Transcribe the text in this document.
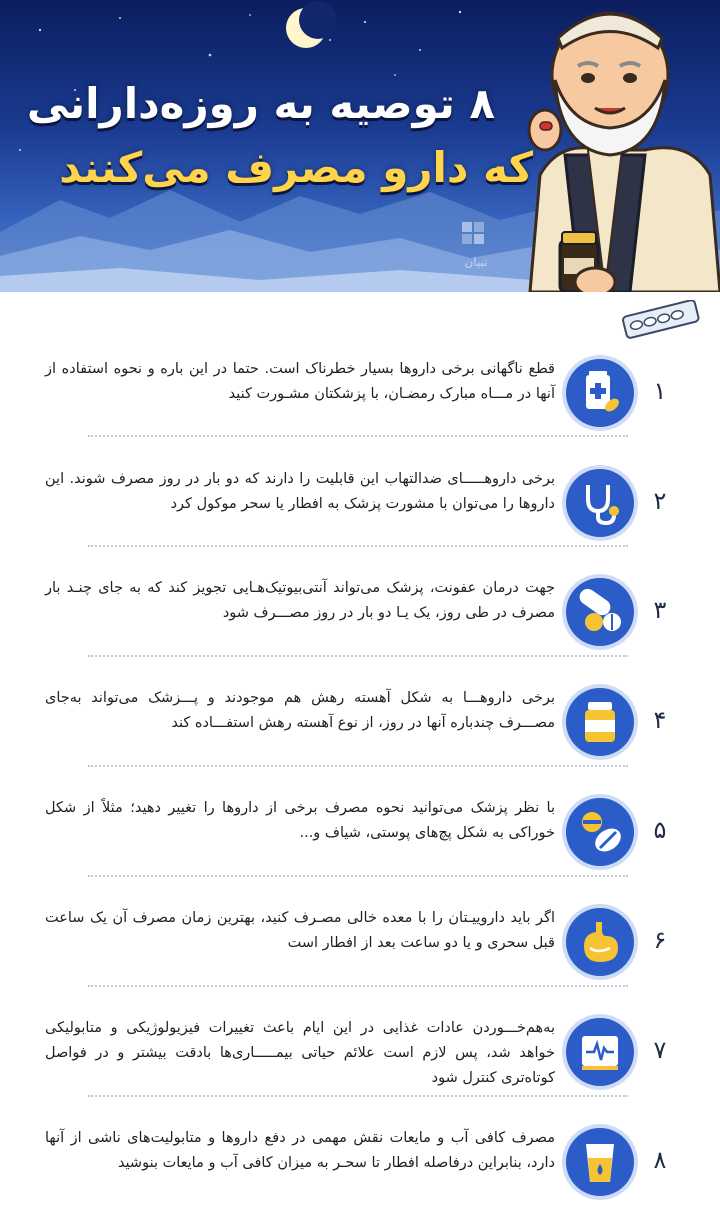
۸ توصیه به روزه‌دارانی
که دارو مصرف می‌کنند
تبیان
۱
قطع ناگهانی برخی داروها بسیار خطرناک است. حتما در این باره و نحوه استفاده از آنها در مـــاه مبارک رمضـان، با پزشکتان مشـورت کنید
۲
برخی داروهـــــای ضدالتهاب این قابلیت را دارند که دو بار در روز مصرف شوند. این داروها را می‌توان با مشورت پزشک به افطار یا سحر موکول کرد
۳
جهت درمان عفونت، پزشک می‌تواند آنتی‌بیوتیک‌هـایی تجویز کند که به جای چنـد بار مصرف در طی روز، یک یـا دو بار در روز مصـــرف شود
۴
برخی داروهـــا به شکل آهسته رهش هم موجودند و پـــزشک می‌تواند به‌جای مصـــرف چندباره آنها در روز، از نوع آهسته رهش استفـــاده کند
۵
با نظر پزشک می‌توانید نحوه مصرف برخی از داروها را تغییر دهید؛ مثلاً از شکل خوراکی به شکل پچ‌های پوستی، شیاف و...
۶
اگر باید داروییـتان را با معده خالی مصـرف کنید، بهترین زمان مصرف آن یک ساعت قبل سحری و یا دو ساعت بعد از افطار است
۷
به‌هم‌خـــوردن عادات غذایی در این ایام باعث تغییرات فیزیولوژیکی و متابولیکی خواهد شد، پس لازم است علائم حیاتی بیمـــــاری‌ها بادقت بیشتر و در فواصل کوتاه‌تری کنترل شود
۸
مصرف کافی آب و مایعات نقش مهمی در دفع داروها و متابولیت‌های ناشی از آنها دارد، بنابراین درفاصله افطار تا سحـر به میزان کافی آب و مایعات بنوشید
